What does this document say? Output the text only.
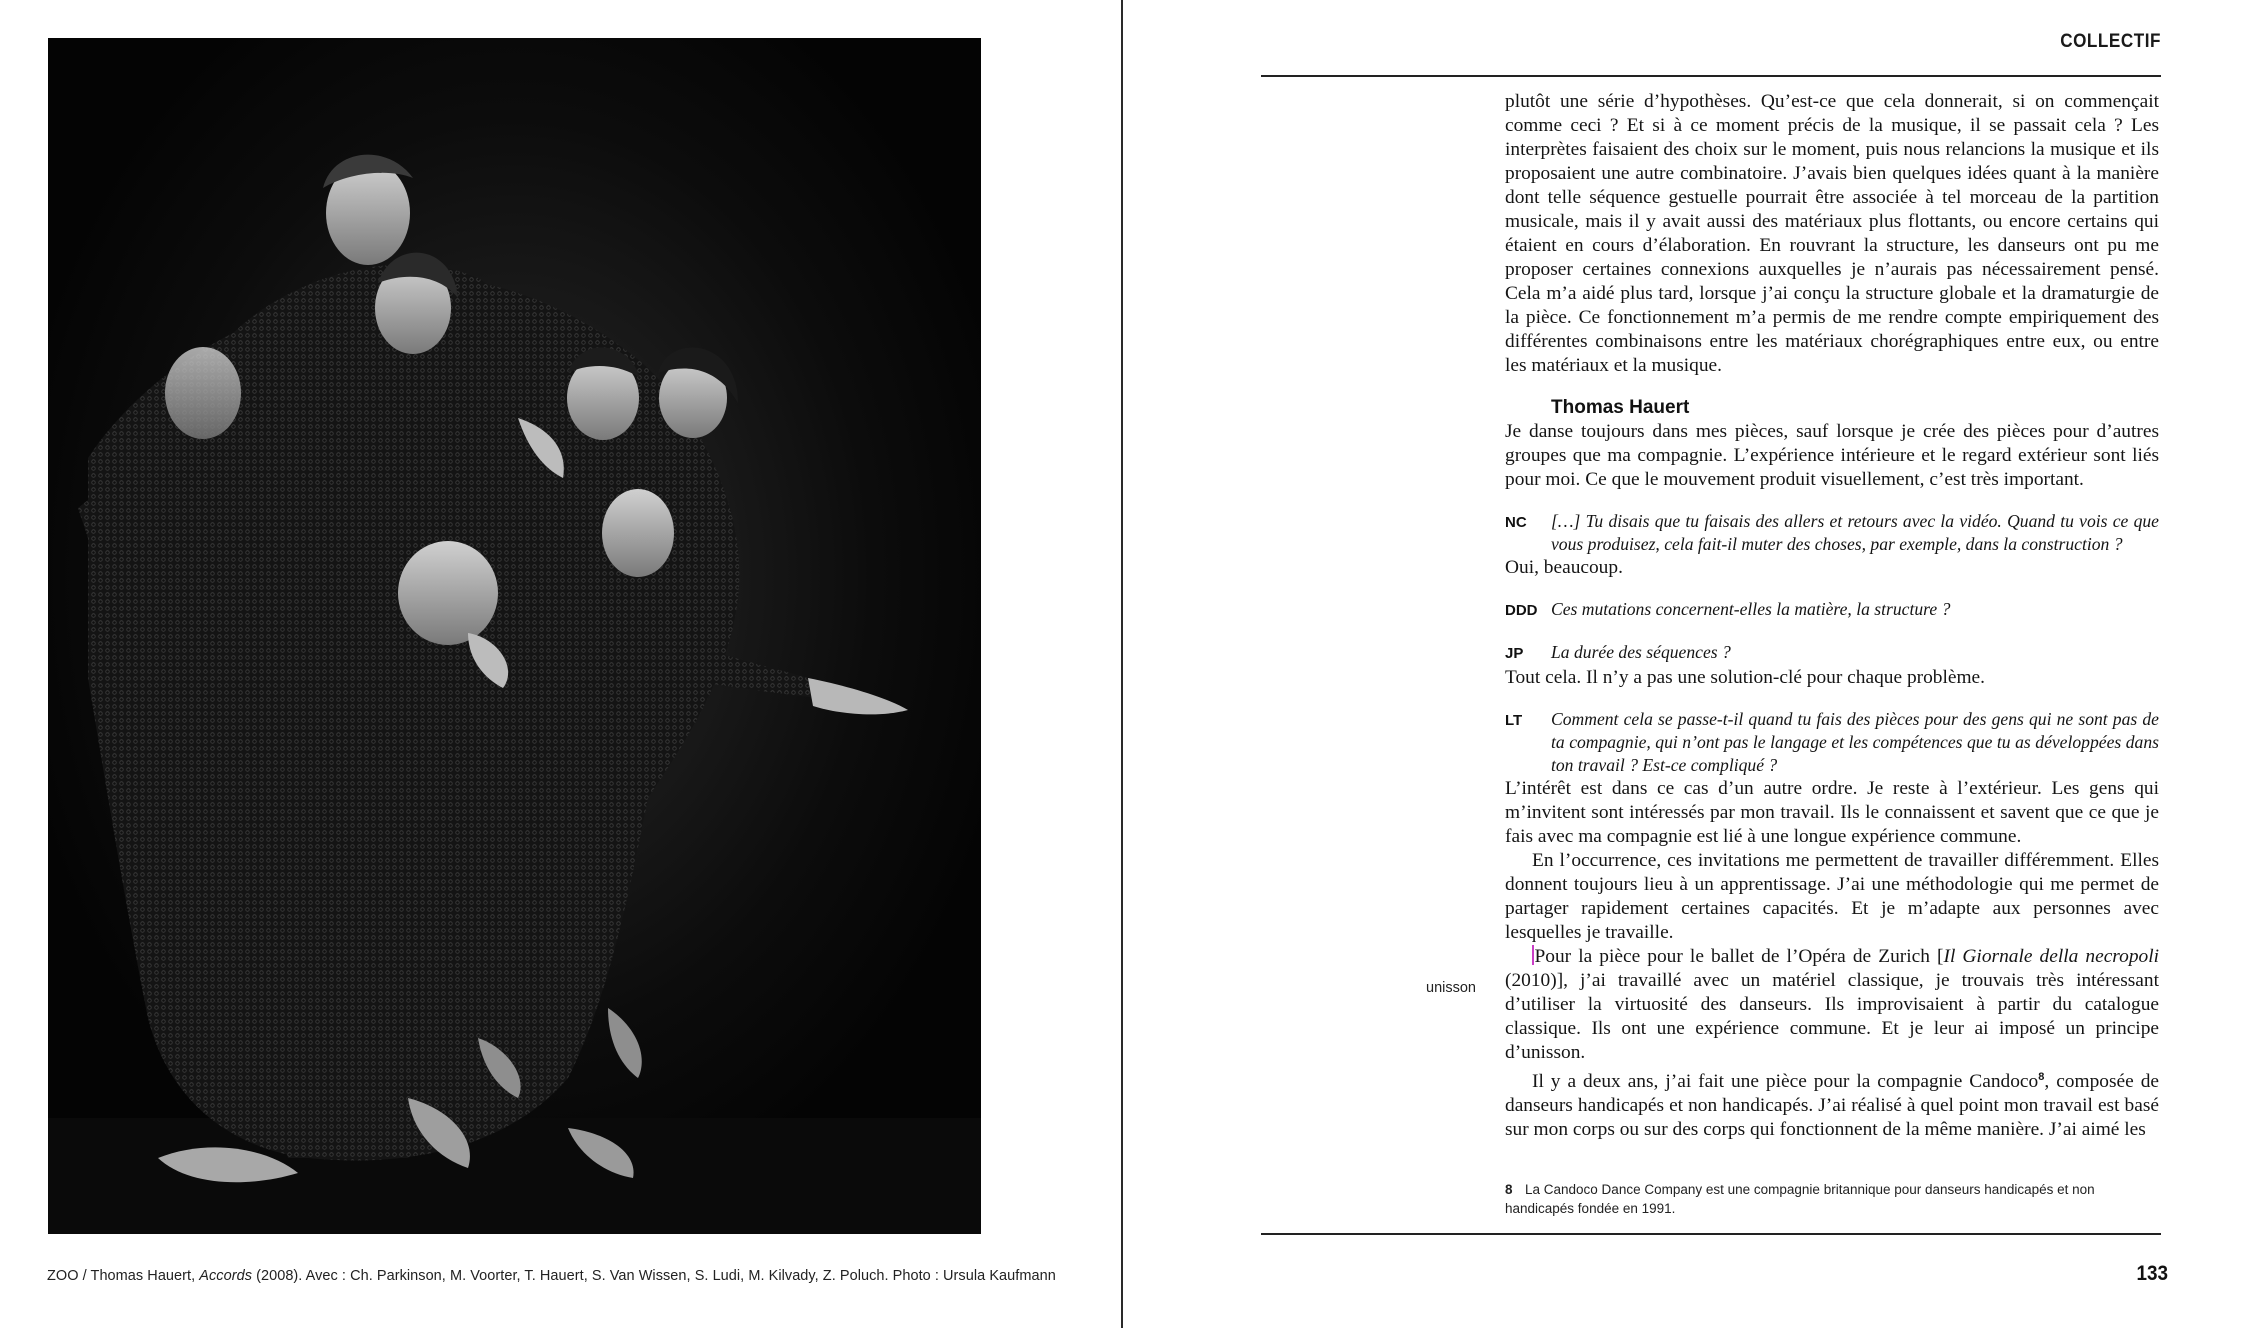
ZOO / Thomas Hauert, Accords (2008). Avec : Ch. Parkinson, M. Voorter, T. Hauert, S. Van Wissen, S. Ludi, M. Kilvady, Z. Poluch. Photo : Ursula Kaufmann
COLLECTIF

plutôt une série d’hypothèses. Qu’est-ce que cela donnerait, si on commençait comme ceci ? Et si à ce moment précis de la musique, il se passait cela ? Les interprètes faisaient des choix sur le moment, puis nous relancions la musique et ils proposaient une autre combinatoire. J’avais bien quelques idées quant à la manière dont telle séquence gestuelle pourrait être associée à tel morceau de la partition musicale, mais il y avait aussi des matériaux plus flottants, ou encore certains qui étaient en cours d’élaboration. En rouvrant la structure, les danseurs ont pu me proposer certaines connexions auxquelles je n’aurais pas nécessairement pensé. Cela m’a aidé plus tard, lorsque j’ai conçu la structure globale et la dramaturgie de la pièce. Ce fonctionnement m’a permis de me rendre compte empiriquement des différentes combinaisons entre les matériaux chorégraphiques entre eux, ou entre les matériaux et la musique.

Thomas Hauert

Je danse toujours dans mes pièces, sauf lorsque je crée des pièces pour d’autres groupes que ma compagnie. L’expérience intérieure et le regard extérieur sont liés pour moi. Ce que le mouvement produit visuellement, c’est très important.

NC	[…] Tu disais que tu faisais des allers et retours avec la vidéo. Quand tu vois ce que vous produisez, cela fait-il muter des choses, par exemple, dans la construction ?

Oui, beaucoup.

DDD Ces mutations concernent-elles la matière, la structure ?
JP	La durée des séquences ?

Tout cela. Il n’y a pas une solution-clé pour chaque problème.

LT	Comment cela se passe-t-il quand tu fais des pièces pour des gens qui ne sont pas de ta compagnie, qui n’ont pas le langage et les compétences que tu as développées dans ton travail ? Est-ce compliqué ?

L’intérêt est dans ce cas d’un autre ordre. Je reste à l’extérieur. Les gens qui m’invitent sont intéressés par mon travail. Ils le connaissent et savent que ce que je fais avec ma compagnie est lié à une longue expérience commune.

En l’occurrence, ces invitations me permettent de travailler différemment. Elles donnent toujours lieu à un apprentissage. J’ai une méthodologie qui me permet de partager rapidement certaines capacités. Et je m’adapte aux personnes avec lesquelles je travaille.

Pour la pièce pour le ballet de l’Opéra de Zurich [Il Giornale della necropoli (2010)], j’ai travaillé avec un matériel classique, je trouvais très intéressant d’utiliser la virtuosité des danseurs. Ils improvisaient à partir du catalogue classique. Ils ont une expérience commune. Et je leur ai imposé un principe d’unisson.

Il y a deux ans, j’ai fait une pièce pour la compagnie Candoco$^8$, composée de danseurs handicapés et non handicapés. J’ai réalisé à quel point mon travail est basé sur mon corps ou sur des corps qui fonctionnent de la même manière. J’ai aimé les

unisson
8 La Candoco Dance Company est une compagnie britannique pour danseurs handicapés et non handicapés fondée en 1991.
133
